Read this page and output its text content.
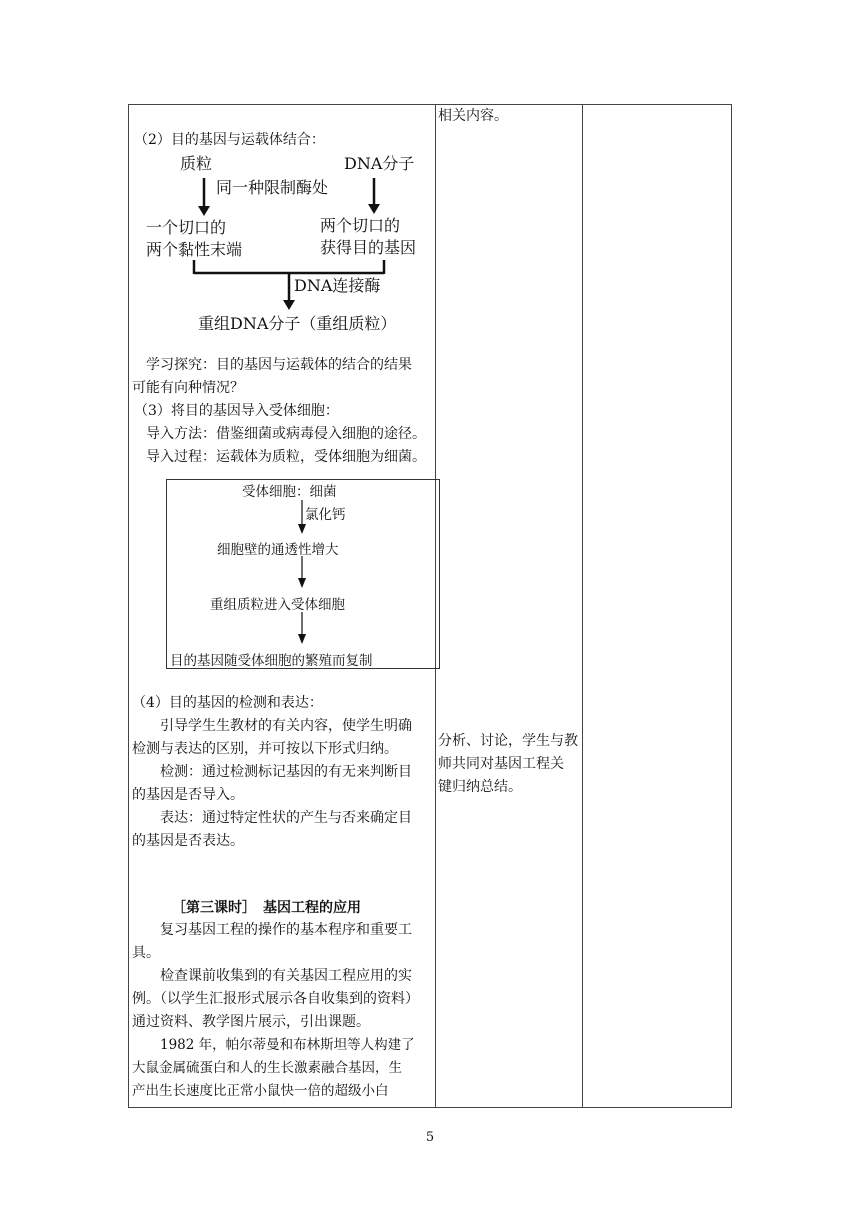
相关内容。
分析、讨论，学生与教
师共同对基因工程关
键归纳总结。
（2）目的基因与运载体结合：
质粒	DNA分子
同一种限制酶处
一个切口的
两个黏性末端
两个切口的
获得目的基因
DNA连接酶
重组DNA分子（重组质粒）
学习探究：目的基因与运载体的结合的结果
可能有向种情况？
（3）将目的基因导入受体细胞：
导入方法：借鉴细菌或病毒侵入细胞的途径。
导入过程：运载体为质粒，受体细胞为细菌。
受体细胞：细菌
氯化钙
细胞壁的通透性增大
重组质粒进入受体细胞
目的基因随受体细胞的繁殖而复制
（4）目的基因的检测和表达：
引导学生生教材的有关内容，使学生明确
检测与表达的区别，并可按以下形式归纳。
检测：通过检测标记基因的有无来判断目
的基因是否导入。
表达：通过特定性状的产生与否来确定目
的基因是否表达。
［第三课时］　基因工程的应用
复习基因工程的操作的基本程序和重要工
具。
检查课前收集到的有关基因工程应用的实
例。（以学生汇报形式展示各自收集到的资料）
通过资料、教学图片展示，引出课题。
1982 年，帕尔蒂曼和布林斯坦等人构建了
大鼠金属硫蛋白和人的生长激素融合基因，生
产出生长速度比正常小鼠快一倍的超级小白
5
